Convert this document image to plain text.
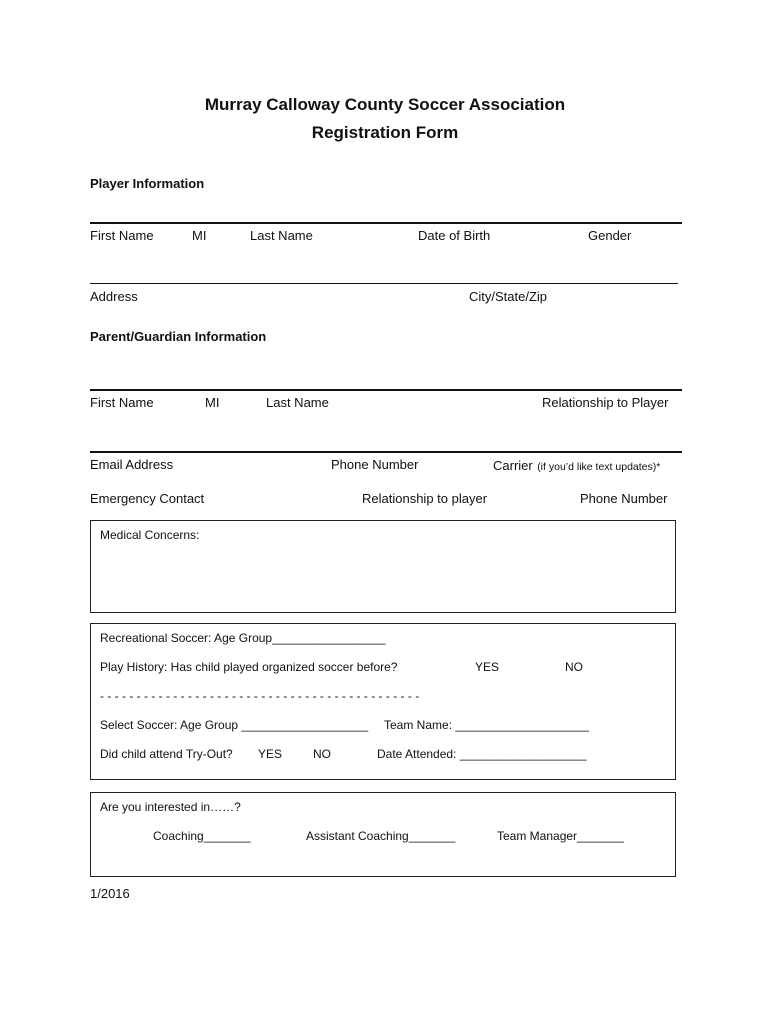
Murray Calloway County Soccer Association
Registration Form
Player Information
First Name	MI	Last Name	Date of Birth	Gender
Address	City/State/Zip
Parent/Guardian Information
First Name	MI	Last Name	Relationship to Player
Email Address	Phone Number	Carrier (if you’d like text updates)*
Emergency Contact	Relationship to player	Phone Number
Medical Concerns:
Recreational Soccer: Age Group_________________
Play History: Has child played organized soccer before?	YES	NO
- - - - - - - - - - - - - - - - - - - - - - - - - - - - - - - - - - - - - - - - - - - -
Select Soccer: Age Group ___________________ Team Name: ____________________
Did child attend Try-Out? YES	NO	Date Attended: ___________________
Are you interested in……?
Coaching_______	Assistant Coaching_______	Team Manager_______
1/2016
